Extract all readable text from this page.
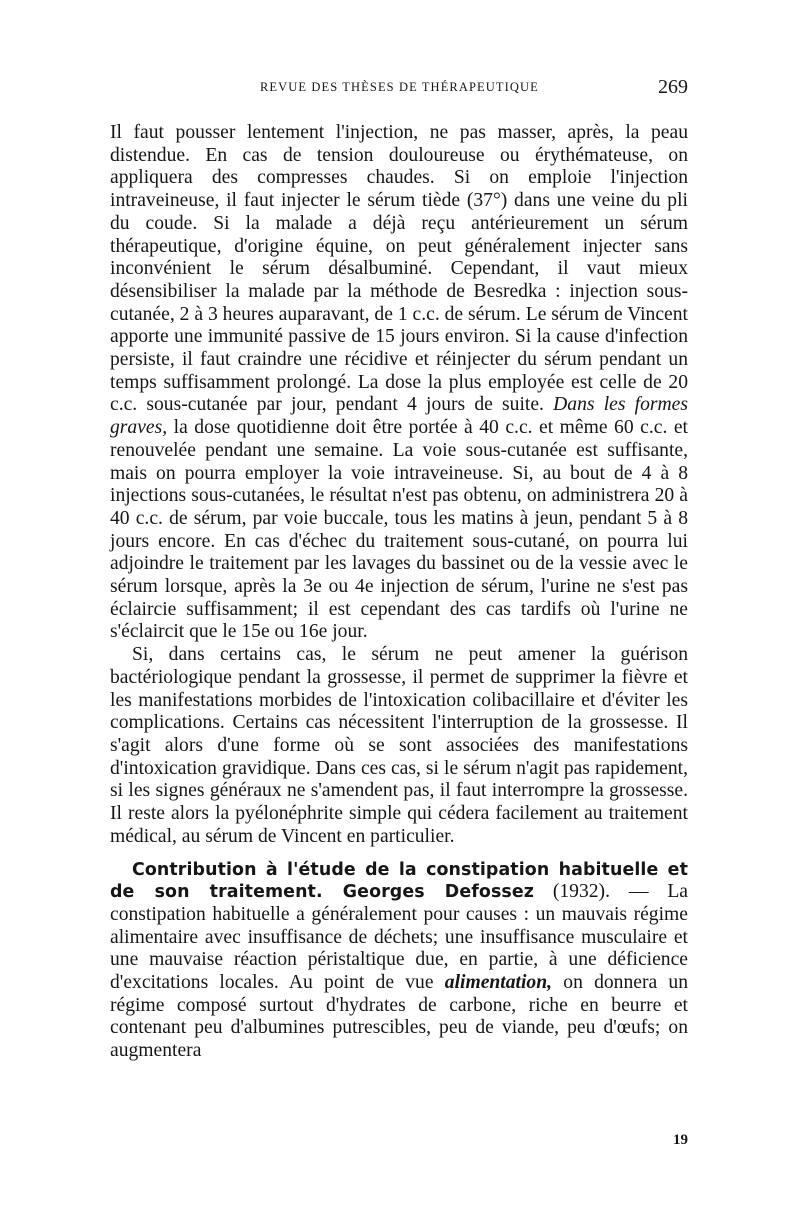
REVUE DES THÈSES DE THÉRAPEUTIQUE	269

Il faut pousser lentement l'injection, ne pas masser, après, la peau distendue. En cas de tension douloureuse ou érythémateuse, on appliquera des compresses chaudes. Si on emploie l'injection intraveineuse, il faut injecter le sérum tiède (37°) dans une veine du pli du coude. Si la malade a déjà reçu antérieurement un sérum thérapeutique, d'origine équine, on peut généralement injecter sans inconvénient le sérum désalbuminé. Cependant, il vaut mieux désensibiliser la malade par la méthode de Besredka : injection sous-cutanée, 2 à 3 heures auparavant, de 1 c.c. de sérum. Le sérum de Vincent apporte une immunité passive de 15 jours environ. Si la cause d'infection persiste, il faut craindre une récidive et réinjecter du sérum pendant un temps suffisamment prolongé. La dose la plus employée est celle de 20 c.c. sous-cutanée par jour, pendant 4 jours de suite. Dans les formes graves, la dose quotidienne doit être portée à 40 c.c. et même 60 c.c. et renouvelée pendant une semaine. La voie sous-cutanée est suffisante, mais on pourra employer la voie intraveineuse. Si, au bout de 4 à 8 injections sous-cutanées, le résultat n'est pas obtenu, on administrera 20 à 40 c.c. de sérum, par voie buccale, tous les matins à jeun, pendant 5 à 8 jours encore. En cas d'échec du traitement sous-cutané, on pourra lui adjoindre le traitement par les lavages du bassinet ou de la vessie avec le sérum lorsque, après la 3e ou 4e injection de sérum, l'urine ne s'est pas éclaircie suffisamment; il est cependant des cas tardifs où l'urine ne s'éclaircit que le 15e ou 16e jour.

Si, dans certains cas, le sérum ne peut amener la guérison bactériologique pendant la grossesse, il permet de supprimer la fièvre et les manifestations morbides de l'intoxication colibacillaire et d'éviter les complications. Certains cas nécessitent l'interruption de la grossesse. Il s'agit alors d'une forme où se sont associées des manifestations d'intoxication gravidique. Dans ces cas, si le sérum n'agit pas rapidement, si les signes généraux ne s'amendent pas, il faut interrompre la grossesse. Il reste alors la pyélonéphrite simple qui cédera facilement au traitement médical, au sérum de Vincent en particulier.

Contribution à l'étude de la constipation habituelle et de son traitement. Georges Defossez (1932). — La constipation habituelle a généralement pour causes : un mauvais régime alimentaire avec insuffisance de déchets; une insuffisance musculaire et une mauvaise réaction péristaltique due, en partie, à une déficience d'excitations locales. Au point de vue alimentation, on donnera un régime composé surtout d'hydrates de carbone, riche en beurre et contenant peu d'albumines putrescibles, peu de viande, peu d'œufs; on augmentera

19
